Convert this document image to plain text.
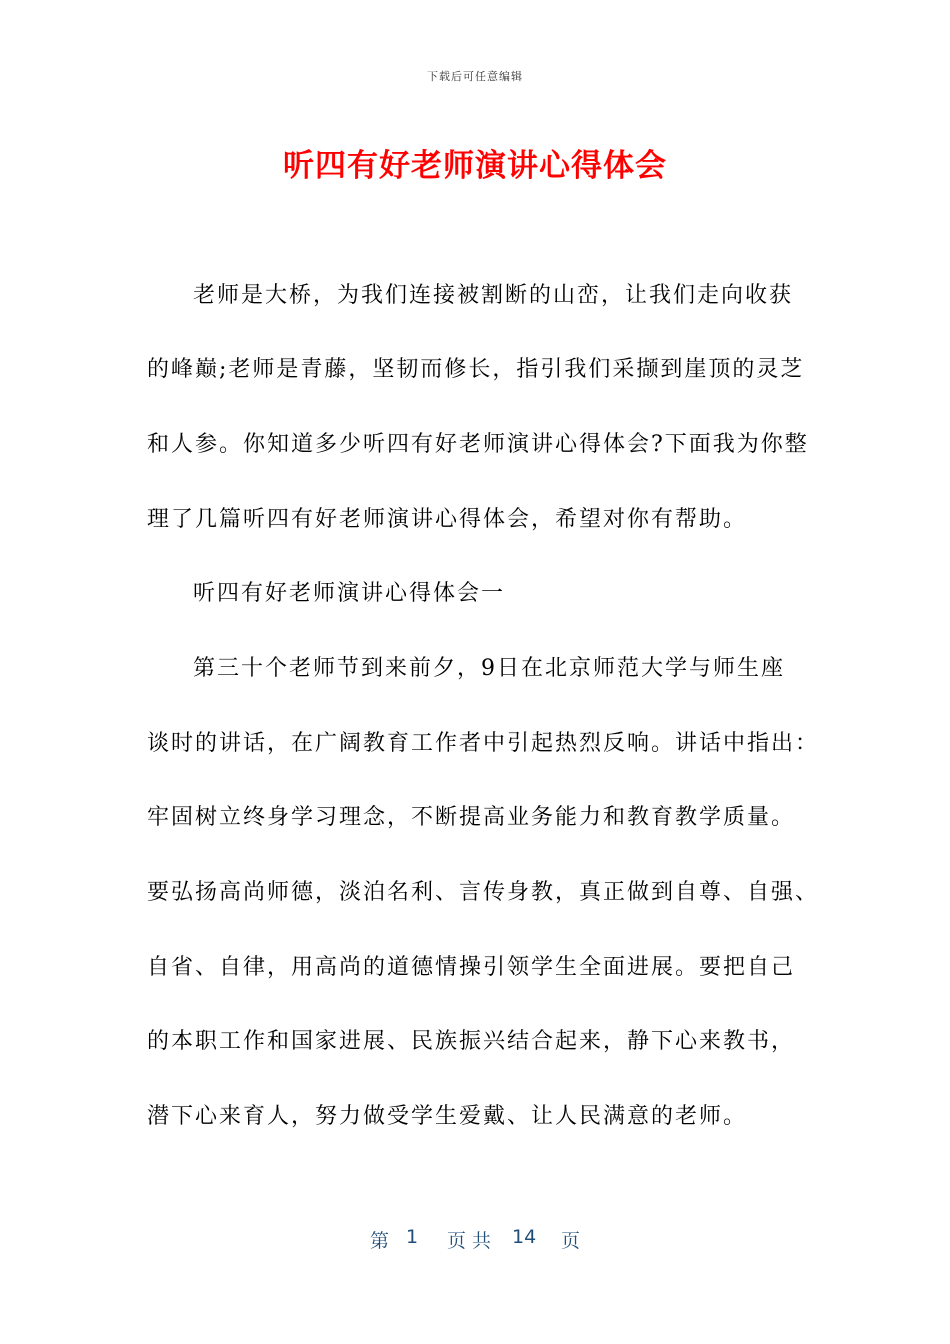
下载后可任意编辑
听四有好老师演讲心得体会
老师是大桥，为我们连接被割断的山峦，让我们走向收获
的峰巅;老师是青藤，坚韧而修长，指引我们采撷到崖顶的灵芝
和人参。你知道多少听四有好老师演讲心得体会?下面我为你整
理了几篇听四有好老师演讲心得体会，希望对你有帮助。
听四有好老师演讲心得体会一
第三十个老师节到来前夕，9日在北京师范大学与师生座
谈时的讲话，在广阔教育工作者中引起热烈反响。讲话中指出：
牢固树立终身学习理念，不断提高业务能力和教育教学质量。
要弘扬高尚师德，淡泊名利、言传身教，真正做到自尊、自强、
自省、自律，用高尚的道德情操引领学生全面进展。要把自己
的本职工作和国家进展、民族振兴结合起来，静下心来教书，
潜下心来育人，努力做受学生爱戴、让人民满意的老师。
第 1 页 共 14 页
